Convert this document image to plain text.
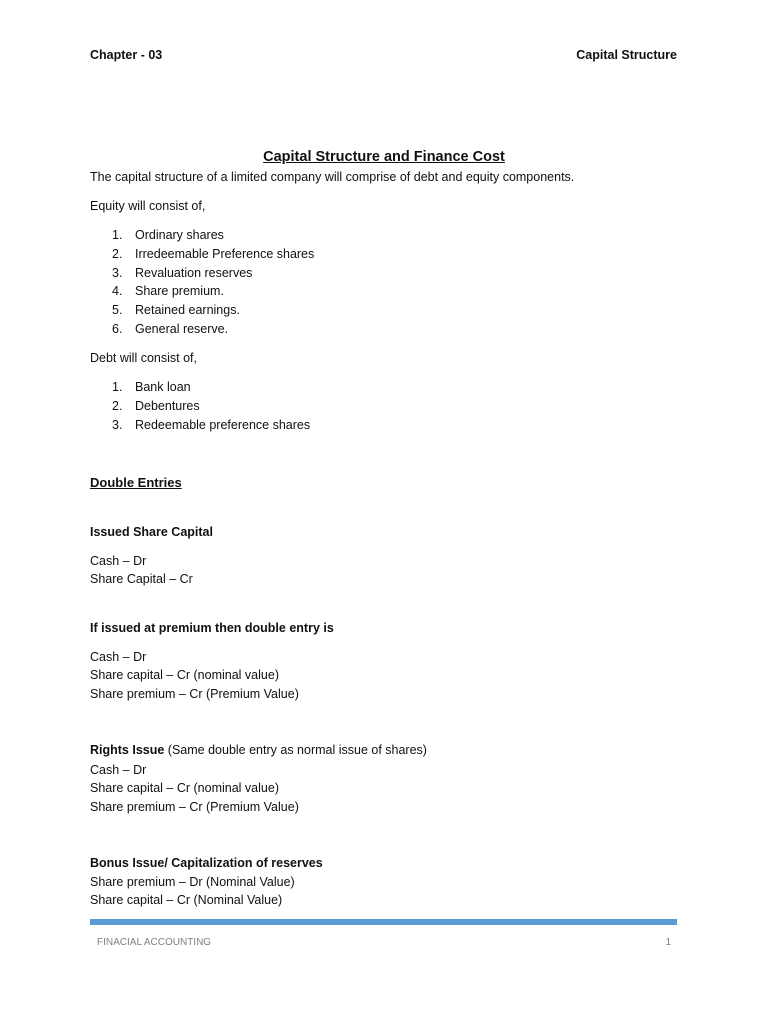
Chapter - 03	Capital Structure
Capital Structure and Finance Cost
The capital structure of a limited company will comprise of debt and equity components.
Equity will consist of,
1. Ordinary shares
2. Irredeemable Preference shares
3. Revaluation reserves
4. Share premium.
5. Retained earnings.
6. General reserve.
Debt will consist of,
1. Bank loan
2. Debentures
3. Redeemable preference shares
Double Entries
Issued Share Capital
Cash – Dr
Share Capital – Cr
If issued at premium then double entry is
Cash – Dr
Share capital – Cr (nominal value)
Share premium – Cr (Premium Value)
Rights Issue (Same double entry as normal issue of shares)
Cash – Dr
Share capital – Cr (nominal value)
Share premium – Cr (Premium Value)
Bonus Issue/ Capitalization of reserves
Share premium – Dr (Nominal Value)
Share capital – Cr (Nominal Value)
FINACIAL ACCOUNTING	1
